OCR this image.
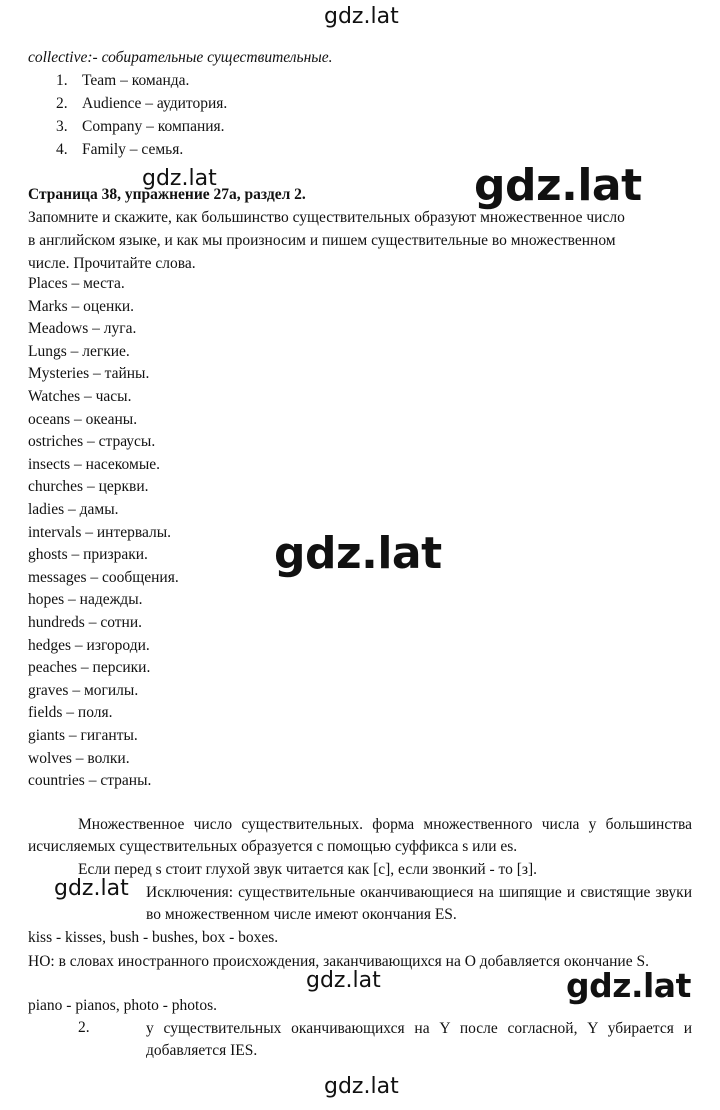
gdz.lat
gdz.lat	gdz.lat
gdz.lat
gdz.lat
gdz.lat	gdz.lat
gdz.lat
collective:- собирательные существительные.
1. Team – команда.
2. Audience – аудитория.
3. Company – компания.
4. Family – семья.
Страница 38, упражнение 27а, раздел 2.
Запомните и скажите, как большинство существительных образуют множественное число
в английском языке, и как мы произносим и пишем существительные во множественном
числе. Прочитайте слова.
Places – места.
Marks – оценки.
Meadows – луга.
Lungs – легкие.
Mysteries – тайны.
Watches – часы.
oceans – океаны.
ostriches – страусы.
insects – насекомые.
churches – церкви.
ladies – дамы.
intervals – интервалы.
ghosts – призраки.
messages – сообщения.
hopes – надежды.
hundreds – сотни.
hedges – изгороди.
peaches – персики.
graves – могилы.
fields – поля.
giants – гиганты.
wolves – волки.
countries – страны.
Множественное число существительных. форма множественного числа у большинства исчисляемых существительных образуется с помощью суффикса s или es.
Если перед s стоит глухой звук читается как [с], если звонкий - то [з].
Исключения: существительные оканчивающиеся на шипящие и свистящие звуки во множественном числе имеют окончания ES.
kiss - kisses, bush - bushes, box - boxes.
НО: в словах иностранного происхождения, заканчивающихся на O добавляется окончание S.
piano - pianos, photo - photos.
2.	у существительных оканчивающихся на Y после согласной, Y убирается и добавляется IES.
